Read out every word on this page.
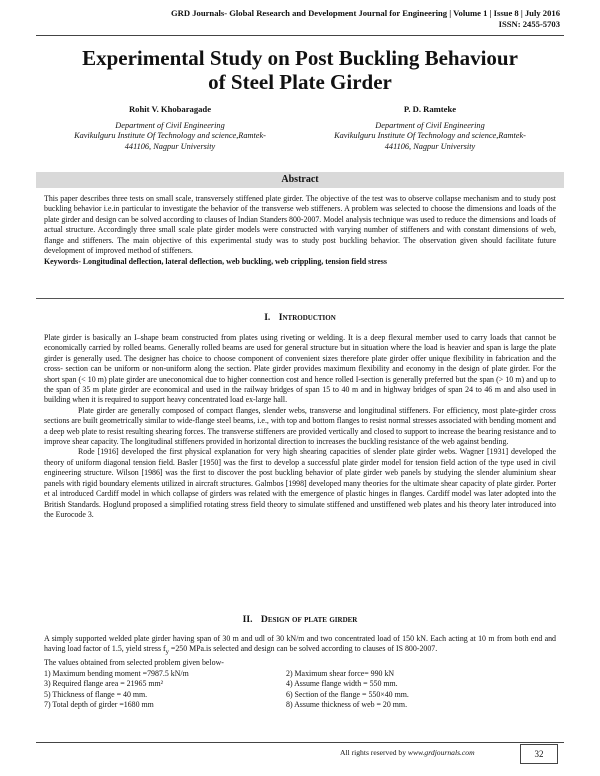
GRD Journals- Global Research and Development Journal for Engineering | Volume 1 | Issue 8 | July 2016
ISSN: 2455-5703
Experimental Study on Post Buckling Behaviour
of Steel Plate Girder
Rohit V. Khobaragade
Department of Civil Engineering
Kavikulguru Institute Of Technology and science,Ramtek-
441106, Nagpur University
P. D. Ramteke
Department of Civil Engineering
Kavikulguru Institute Of Technology and science,Ramtek-
441106, Nagpur University
Abstract
This paper describes three tests on small scale, transversely stiffened plate girder. The objective of the test was to observe collapse mechanism and to study post buckling behavior i.e.in particular to investigate the behavior of the transverse web stiffeners. A problem was selected to choose the dimensions and loads of the plate girder and design can be solved according to clauses of Indian Standers 800-2007. Model analysis technique was used to reduce the dimensions and loads of actual structure. Accordingly three small scale plate girder models were constructed with varying number of stiffeners and with constant dimensions of web, flange and stiffeners. The main objective of this experimental study was to study post buckling behavior. The observation given should facilitate future development of improved method of stiffeners.
Keywords- Longitudinal deflection, lateral deflection, web buckling, web crippling, tension field stress
I. Introduction

Plate girder is basically an I–shape beam constructed from plates using riveting or welding. It is a deep flexural member used to carry loads that cannot be economically carried by rolled beams. Generally rolled beams are used for general structure but in situation where the load is heavier and span is large the plate girder is generally used. The designer has choice to choose component of convenient sizes therefore plate girder offer unique flexibility in fabrication and the cross- section can be uniform or non-uniform along the section. Plate girder provides maximum flexibility and economy in the design of plate girder. For the short span (< 10 m) plate girder are uneconomical due to higher connection cost and hence rolled I-section is generally preferred but the span (> 10 m) and up to the span of 35 m plate girder are economical and used in the railway bridges of span 15 to 40 m and in highway bridges of span 24 to 46 m and also used in building when it is required to support heavy concentrated load ex-large hall.

Plate girder are generally composed of compact flanges, slender webs, transverse and longitudinal stiffeners. For efficiency, most plate-girder cross sections are built geometrically similar to wide-flange steel beams, i.e., with top and bottom flanges to resist normal stresses associated with bending moment and a deep web plate to resist resulting shearing forces. The transverse stiffeners are provided vertically and closed to support to increase the bearing resistance and to improve shear capacity. The longitudinal stiffeners provided in horizontal direction to increases the buckling resistance of the web against bending.

Rode [1916] developed the first physical explanation for very high shearing capacities of slender plate girder webs. Wagner [1931] developed the theory of uniform diagonal tension field. Basler [1950] was the first to develop a successful plate girder model for tension field action of the type used in civil engineering structure. Wilson [1986] was the first to discover the post buckling behavior of plate girder web panels by studying the slender aluminium shear panels with rigid boundary elements utilized in aircraft structures. Galmbos [1998] developed many theories for the ultimate shear capacity of plate girder. Porter et al introduced Cardiff model in which collapse of girders was related with the emergence of plastic hinges in flanges. Cardiff model was later adopted into the British Standards. Hoglund proposed a simplified rotating stress field theory to simulate stiffened and unstiffened web plates and his theory later introduced into the Eurocode 3.

II. Design of plate girder

A simply supported welded plate girder having span of 30 m and udl of 30 kN/m and two concentrated load of 150 kN. Each acting at 10 m from both end and having load factor of 1.5, yield stress $f_y =250$ MPa.is selected and design can be solved according to clauses of IS 800-2007.

The values obtained from selected problem given below-

1) Maximum bending moment =7987.5 kN/m	2) Maximum shear force= 990 kN
3) Required flange area = 21965 mm²	4) Assume flange width = 550 mm.
5) Thickness of flange = 40 mm.	6) Section of the flange = 550×40 mm.
7) Total depth of girder =1680 mm	8) Assume thickness of web = 20 mm.
All rights reserved by www.grdjournals.com	32
